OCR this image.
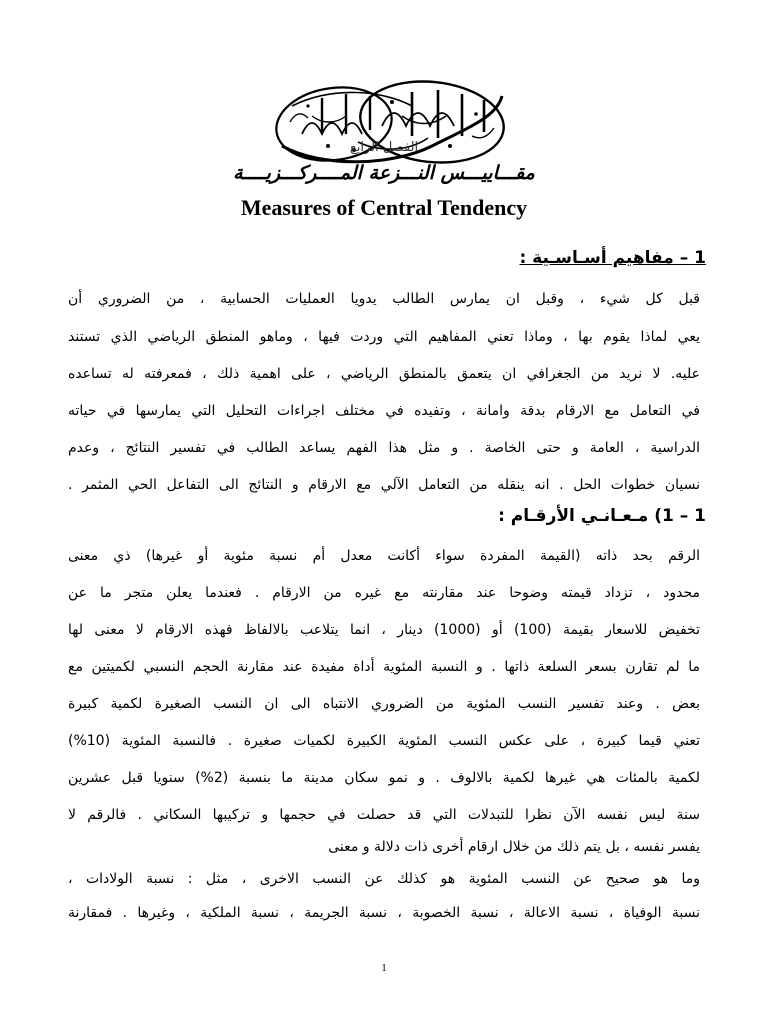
الفصل الرابع
مقـــاييـــس النـــزعة المــــركـــزيــــة
Measures of Central Tendency
1 – مفاهيم أسـاسـية :
قبل كل شيء ، وقبل ان يمارس الطالب يدويا العمليات الحسابية ، من الضروري أن
يعي لماذا يقوم بها ، وماذا تعني المفاهيم التي وردت فيها ، وماهو المنطق الرياضي الذي تستند
عليه. لا نريد من الجغرافي ان يتعمق بالمنطق الرياضي ، على اهمية ذلك ، فمعرفته له تساعده
في التعامل مع الارقام بدقة وامانة ، وتفيده في مختلف اجراءات التحليل التي يمارسها في حياته
الدراسية ، العامة و حتى الخاصة . و مثل هذا الفهم يساعد الطالب في تفسير النتائج ، وعدم
نسيان خطوات الحل . انه ينقله من التعامل الآلي مع الارقام و النتائج الى التفاعل الحي المثمر .
1 – 1) مـعـانـي الأرقـام :
الرقم بحد ذاته (القيمة المفردة سواء أكانت معدل أم نسبة مئوية أو غيرها) ذي معنى
محدود ، تزداد قيمته وضوحا عند مقارنته مع غيره من الارقام . فعندما يعلن متجر ما عن
تخفيض للاسعار بقيمة (100) أو (1000) دينار ، انما يتلاعب بالالفاظ فهذه الارقام لا معنى لها
ما لم تقارن بسعر السلعة ذاتها . و النسبة المئوية أداة مفيدة عند مقارنة الحجم النسبي لكميتين مع
بعض . وعند تفسير النسب المئوية من الضروري الانتباه الى ان النسب الصغيرة لكمية كبيرة
تعني قيما كبيرة ، على عكس النسب المئوية الكبيرة لكميات صغيرة . فالنسبة المئوية (10%)
لكمية بالمئات هي غيرها لكمية بالالوف . و نمو سكان مدينة ما بنسبة (2%) سنويا قبل عشرين
سنة ليس نفسه الآن نظرا للتبدلات التي قد حصلت في حجمها و تركيبها السكاني . فالرقم لا
يفسر نفسه ، بل يتم ذلك من خلال ارقام أخرى ذات دلالة و معنى
وما هو صحيح عن النسب المئوية هو كذلك عن النسب الاخرى ، مثل : نسبة الولادات ،
نسبة الوفياة ، نسبة الاعالة ، نسبة الخصوبة ، نسبة الجريمة ، نسبة الملكية ، وغيرها . فمقارنة
1
